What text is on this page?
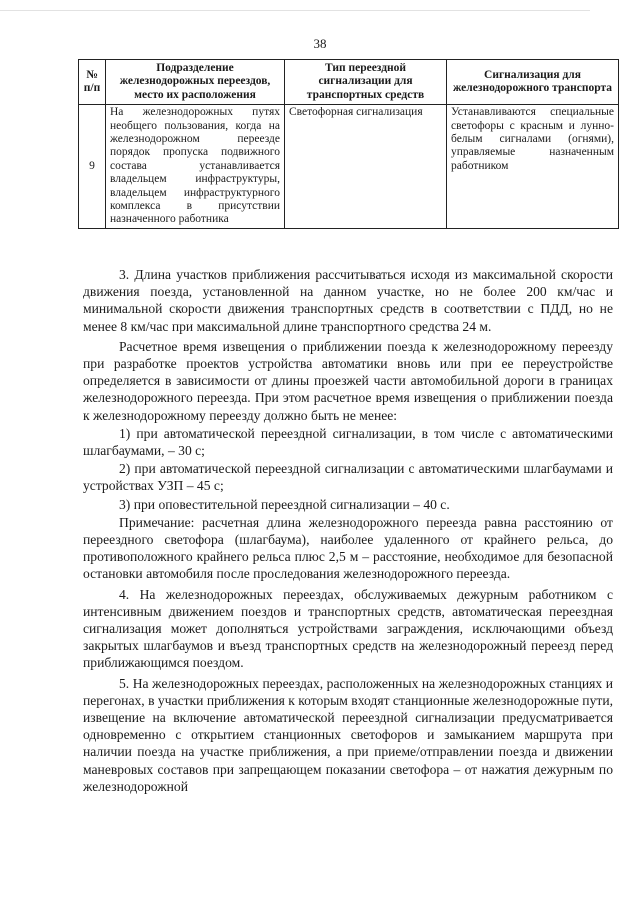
38
№ п/п	Подразделение железнодорожных переездов, место их расположения	Тип переездной сигнализации для транспортных средств	Сигнализация для железнодорожного транспорта
9	На железнодорожных путях необщего пользования, когда на железнодорожном переезде порядок пропуска подвижного состава устанавливается владельцем инфраструктуры, владельцем инфраструктурного комплекса в присутствии назначенного работника	Светофорная сигнализация	Устанавливаются специальные светофоры с красным и лунно-белым сигналами (огнями), управляемые назначенным работником

3. Длина участков приближения рассчитываться исходя из максимальной скорости движения поезда, установленной на данном участке, но не более 200 км/час и минимальной скорости движения транспортных средств в соответствии с ПДД, но не менее 8 км/час при максимальной длине транспортного средства 24 м.

Расчетное время извещения о приближении поезда к железнодорожному переезду при разработке проектов устройства автоматики вновь или при ее переустройстве определяется в зависимости от длины проезжей части автомобильной дороги в границах железнодорожного переезда. При этом расчетное время извещения о приближении поезда к железнодорожному переезду должно быть не менее:

1) при автоматической переездной сигнализации, в том числе с автоматическими шлагбаумами, – 30 с;

2) при автоматической переездной сигнализации с автоматическими шлагбаумами и устройствах УЗП – 45 с;

3) при оповестительной переездной сигнализации – 40 с.

Примечание: расчетная длина железнодорожного переезда равна расстоянию от переездного светофора (шлагбаума), наиболее удаленного от крайнего рельса, до противоположного крайнего рельса плюс 2,5 м – расстояние, необходимое для безопасной остановки автомобиля после проследования железнодорожного переезда.

4. На железнодорожных переездах, обслуживаемых дежурным работником с интенсивным движением поездов и транспортных средств, автоматическая переездная сигнализация может дополняться устройствами заграждения, исключающими объезд закрытых шлагбаумов и въезд транспортных средств на железнодорожный переезд перед приближающимся поездом.

5. На железнодорожных переездах, расположенных на железнодорожных станциях и перегонах, в участки приближения к которым входят станционные железнодорожные пути, извещение на включение автоматической переездной сигнализации предусматривается одновременно с открытием станционных светофоров и замыканием маршрута при наличии поезда на участке приближения, а при приеме/отправлении поезда и движении маневровых составов при запрещающем показании светофора – от нажатия дежурным по железнодорожной
